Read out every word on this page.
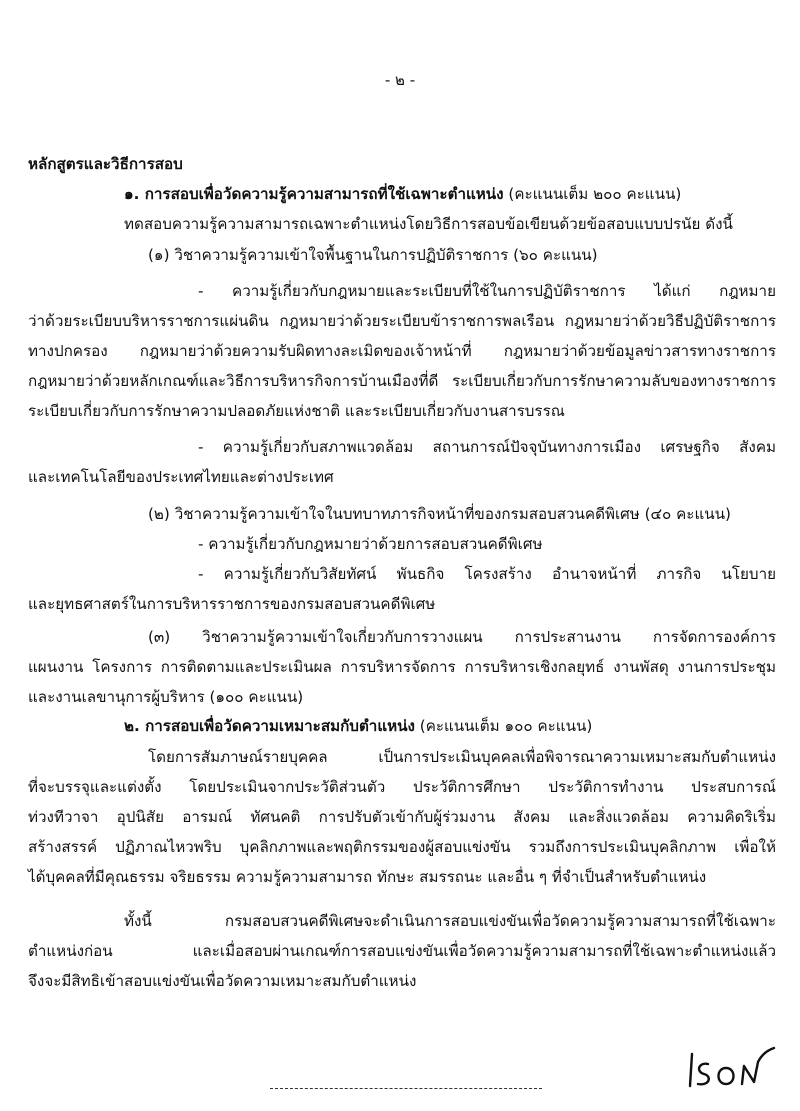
- ๒ -
หลักสูตรและวิธีการสอบ
๑. การสอบเพื่อวัดความรู้ความสามารถที่ใช้เฉพาะตำแหน่ง (คะแนนเต็ม ๒๐๐ คะแนน)
ทดสอบความรู้ความสามารถเฉพาะตำแหน่งโดยวิธีการสอบข้อเขียนด้วยข้อสอบแบบปรนัย ดังนี้
(๑) วิชาความรู้ความเข้าใจพื้นฐานในการปฏิบัติราชการ (๖๐ คะแนน)
- ความรู้เกี่ยวกับกฎหมายและระเบียบที่ใช้ในการปฏิบัติราชการ ได้แก่ กฎหมาย
ว่าด้วยระเบียบบริหารราชการแผ่นดิน กฎหมายว่าด้วยระเบียบข้าราชการพลเรือน กฎหมายว่าด้วยวิธีปฏิบัติราชการ
ทางปกครอง กฎหมายว่าด้วยความรับผิดทางละเมิดของเจ้าหน้าที่ กฎหมายว่าด้วยข้อมูลข่าวสารทางราชการ
กฎหมายว่าด้วยหลักเกณฑ์และวิธีการบริหารกิจการบ้านเมืองที่ดี ระเบียบเกี่ยวกับการรักษาความลับของทางราชการ
ระเบียบเกี่ยวกับการรักษาความปลอดภัยแห่งชาติ และระเบียบเกี่ยวกับงานสารบรรณ
- ความรู้เกี่ยวกับสภาพแวดล้อม สถานการณ์ปัจจุบันทางการเมือง เศรษฐกิจ สังคม
และเทคโนโลยีของประเทศไทยและต่างประเทศ
(๒) วิชาความรู้ความเข้าใจในบทบาทภารกิจหน้าที่ของกรมสอบสวนคดีพิเศษ (๔๐ คะแนน)
- ความรู้เกี่ยวกับกฎหมายว่าด้วยการสอบสวนคดีพิเศษ
- ความรู้เกี่ยวกับวิสัยทัศน์ พันธกิจ โครงสร้าง อำนาจหน้าที่ ภารกิจ นโยบาย
และยุทธศาสตร์ในการบริหารราชการของกรมสอบสวนคดีพิเศษ
(๓) วิชาความรู้ความเข้าใจเกี่ยวกับการวางแผน การประสานงาน การจัดการองค์การ
แผนงาน โครงการ การติดตามและประเมินผล การบริหารจัดการ การบริหารเชิงกลยุทธ์ งานพัสดุ งานการประชุม
และงานเลขานุการผู้บริหาร (๑๐๐ คะแนน)
๒. การสอบเพื่อวัดความเหมาะสมกับตำแหน่ง (คะแนนเต็ม ๑๐๐ คะแนน)
โดยการสัมภาษณ์รายบุคคล เป็นการประเมินบุคคลเพื่อพิจารณาความเหมาะสมกับตำแหน่ง
ที่จะบรรจุและแต่งตั้ง โดยประเมินจากประวัติส่วนตัว ประวัติการศึกษา ประวัติการทำงาน ประสบการณ์
ท่วงทีวาจา อุปนิสัย อารมณ์ ทัศนคติ การปรับตัวเข้ากับผู้ร่วมงาน สังคม และสิ่งแวดล้อม ความคิดริเริ่ม
สร้างสรรค์ ปฏิภาณไหวพริบ บุคลิกภาพและพฤติกรรมของผู้สอบแข่งขัน รวมถึงการประเมินบุคลิกภาพ เพื่อให้
ได้บุคคลที่มีคุณธรรม จริยธรรม ความรู้ความสามารถ ทักษะ สมรรถนะ และอื่น ๆ ที่จำเป็นสำหรับตำแหน่ง
ทั้งนี้ กรมสอบสวนคดีพิเศษจะดำเนินการสอบแข่งขันเพื่อวัดความรู้ความสามารถที่ใช้เฉพาะ
ตำแหน่งก่อน และเมื่อสอบผ่านเกณฑ์การสอบแข่งขันเพื่อวัดความรู้ความสามารถที่ใช้เฉพาะตำแหน่งแล้ว
จึงจะมีสิทธิเข้าสอบแข่งขันเพื่อวัดความเหมาะสมกับตำแหน่ง
